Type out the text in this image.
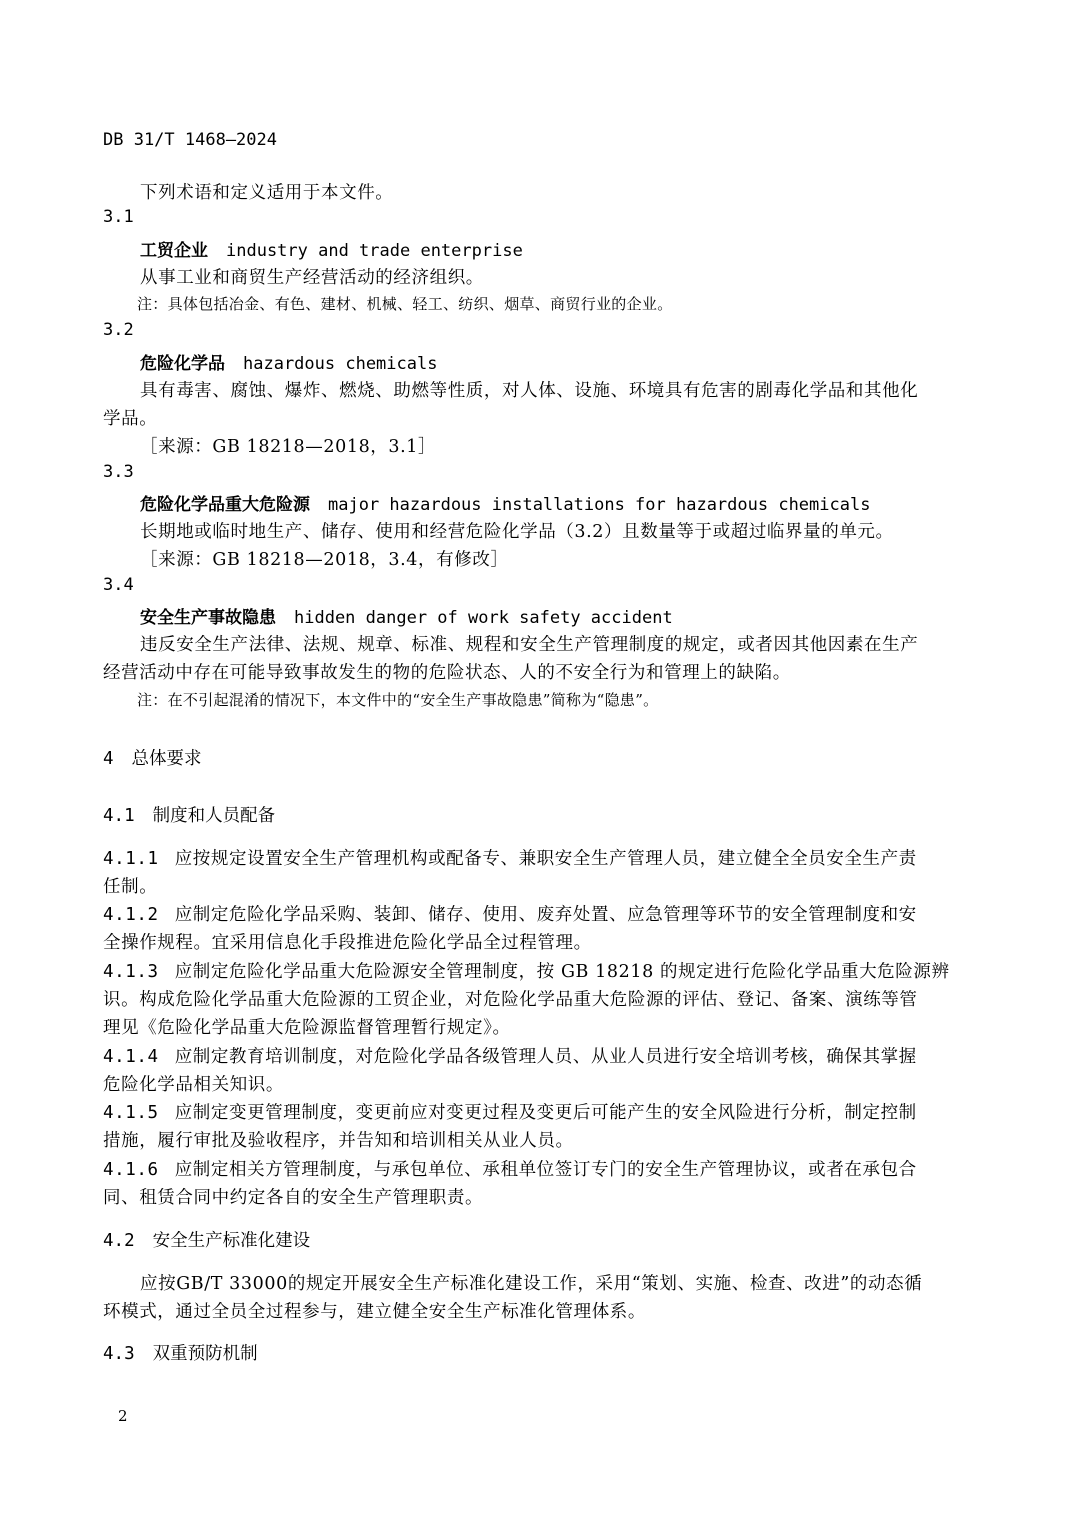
DB 31/T 1468—2024
下列术语和定义适用于本文件。
3.1
工贸企业 industry and trade enterprise
从事工业和商贸生产经营活动的经济组织。
注：具体包括冶金、有色、建材、机械、轻工、纺织、烟草、商贸行业的企业。
3.2
危险化学品 hazardous chemicals
具有毒害、腐蚀、爆炸、燃烧、助燃等性质，对人体、设施、环境具有危害的剧毒化学品和其他化
学品。
［来源：GB 18218—2018，3.1］
3.3
危险化学品重大危险源 major hazardous installations for hazardous chemicals
长期地或临时地生产、储存、使用和经营危险化学品（3.2）且数量等于或超过临界量的单元。
［来源：GB 18218—2018，3.4，有修改］
3.4
安全生产事故隐患 hidden danger of work safety accident
违反安全生产法律、法规、规章、标准、规程和安全生产管理制度的规定，或者因其他因素在生产
经营活动中存在可能导致事故发生的物的危险状态、人的不安全行为和管理上的缺陷。
注：在不引起混淆的情况下，本文件中的“安全生产事故隐患”简称为“隐患”。
4 总体要求
4.1 制度和人员配备
4.1.1 应按规定设置安全生产管理机构或配备专、兼职安全生产管理人员，建立健全全员安全生产责
任制。
4.1.2 应制定危险化学品采购、装卸、储存、使用、废弃处置、应急管理等环节的安全管理制度和安
全操作规程。宜采用信息化手段推进危险化学品全过程管理。
4.1.3 应制定危险化学品重大危险源安全管理制度，按 GB 18218 的规定进行危险化学品重大危险源辨
识。构成危险化学品重大危险源的工贸企业，对危险化学品重大危险源的评估、登记、备案、演练等管
理见《危险化学品重大危险源监督管理暂行规定》。
4.1.4 应制定教育培训制度，对危险化学品各级管理人员、从业人员进行安全培训考核，确保其掌握
危险化学品相关知识。
4.1.5 应制定变更管理制度，变更前应对变更过程及变更后可能产生的安全风险进行分析，制定控制
措施，履行审批及验收程序，并告知和培训相关从业人员。
4.1.6 应制定相关方管理制度，与承包单位、承租单位签订专门的安全生产管理协议，或者在承包合
同、租赁合同中约定各自的安全生产管理职责。
4.2 安全生产标准化建设
应按GB/T 33000的规定开展安全生产标准化建设工作，采用“策划、实施、检查、改进”的动态循
环模式，通过全员全过程参与，建立健全安全生产标准化管理体系。
4.3 双重预防机制
2
